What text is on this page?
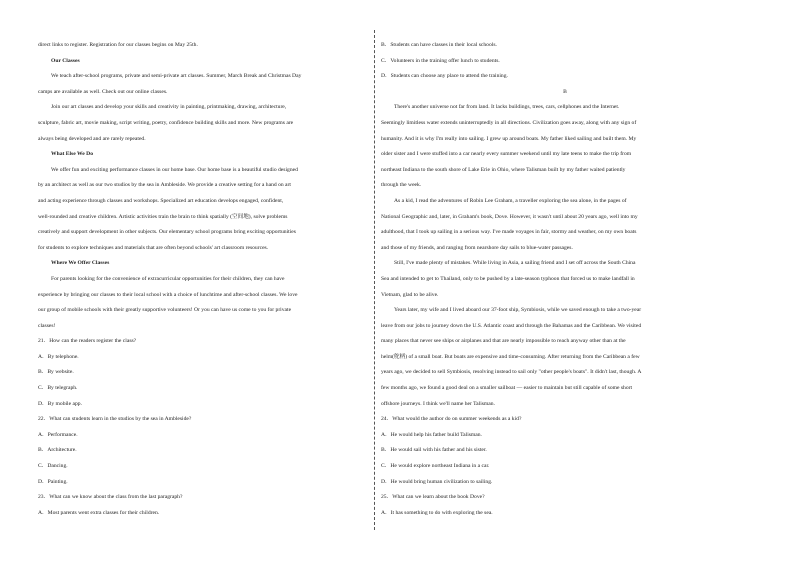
direct links to register. Registration for our classes begins on May 25th.
Our Classes
We teach after-school programs, private and semi-private art classes. Summer, March Break and Christmas Day
camps are available as well. Check out our online classes.
Join our art classes and develop your skills and creativity in painting, printmaking, drawing, architecture,
sculpture, fabric art, movie making, script writing, poetry, confidence building skills and more. New programs are
always being developed and are rarely repeated.
What Else We Do
We offer fun and exciting performance classes in our home base. Our home base is a beautiful studio designed
by an architect as well as our two studios by the sea in Ambleside. We provide a creative setting for a hand on art
and acting experience through classes and workshops. Specialized art education develops engaged, confident,
well-rounded and creative children. Artistic activities train the brain to think spatially (空间地), solve problems
creatively and support development in other subjects. Our elementary school programs bring exciting opportunities
for students to explore techniques and materials that are often beyond schools' art classroom resources.
Where We Offer Classes
For parents looking for the convenience of extracurricular opportunities for their children, they can have
experience by bringing our classes to their local school with a choice of lunchtime and after-school classes. We love
our group of mobile schools with their greatly supportive volunteers! Or you can have us come to you for private
classes!
21．How can the readers register the class?
A．By telephone.
B．By website.
C．By telegraph.
D．By mobile app.
22．What can students learn in the studios by the sea in Ambleside?
A．Performance.
B．Architecture.
C．Dancing.
D．Painting.
23．What can we know about the class from the last paragraph?
A．Most parents went extra classes for their children.
B．Students can have classes in their local schools.
C．Volunteers in the training offer lunch to students.
D．Students can choose any place to attend the training.
B
There's another universe not far from land. It lacks buildings, trees, cars, cellphones and the Internet.
Seemingly limitless water extends uninterruptedly in all directions. Civilization goes away, along with any sign of
humanity. And it is why I'm really into sailing. I grew up around boats. My father liked sailing and built them. My
older sister and I were stuffed into a car nearly every summer weekend until my late teens to make the trip from
northeast Indiana to the south shore of Lake Erie in Ohio, where Talisman built by my father waited patiently
through the week.
As a kid, I read the adventures of Robin Lee Graham, a traveller exploring the sea alone, in the pages of
National Geographic and, later, in Graham's book, Dove. However, it wasn't until about 20 years ago, well into my
adulthood, that I took up sailing in a serious way. I've made voyages in fair, stormy and weather, on my own boats
and those of my friends, and ranging from nearshore day sails to blue-water passages.
Still, I've made plenty of mistakes. While living in Asia, a sailing friend and I set off across the South China
Sea and intended to get to Thailand, only to be pushed by a late-season typhoon that forced us to make landfall in
Vietnam, glad to be alive.
Years later, my wife and I lived aboard our 37-foot ship, Symbiosis, while we saved enough to take a two-year
leave from our jobs to journey down the U.S. Atlantic coast and through the Bahamas and the Caribbean. We visited
many places that never see ships or airplanes and that are nearly impossible to reach anyway other than at the
helm(舵柄) of a small boat. But boats are expensive and time-consuming. After returning from the Caribbean a few
years ago, we decided to sell Symbiosis, resolving instead to sail only "other people's boats". It didn't last, though. A
few months ago, we found a good deal on a smaller sailboat — easier to maintain but still capable of some short
offshore journeys. I think we'll name her Talisman.
24．What would the author do on summer weekends as a kid?
A．He would help his father build Talisman.
B．He would sail with his father and his sister.
C．He would explore northeast Indiana in a car.
D．He would bring human civilization to sailing.
25．What can we learn about the book Dove?
A．It has something to do with exploring the sea.
